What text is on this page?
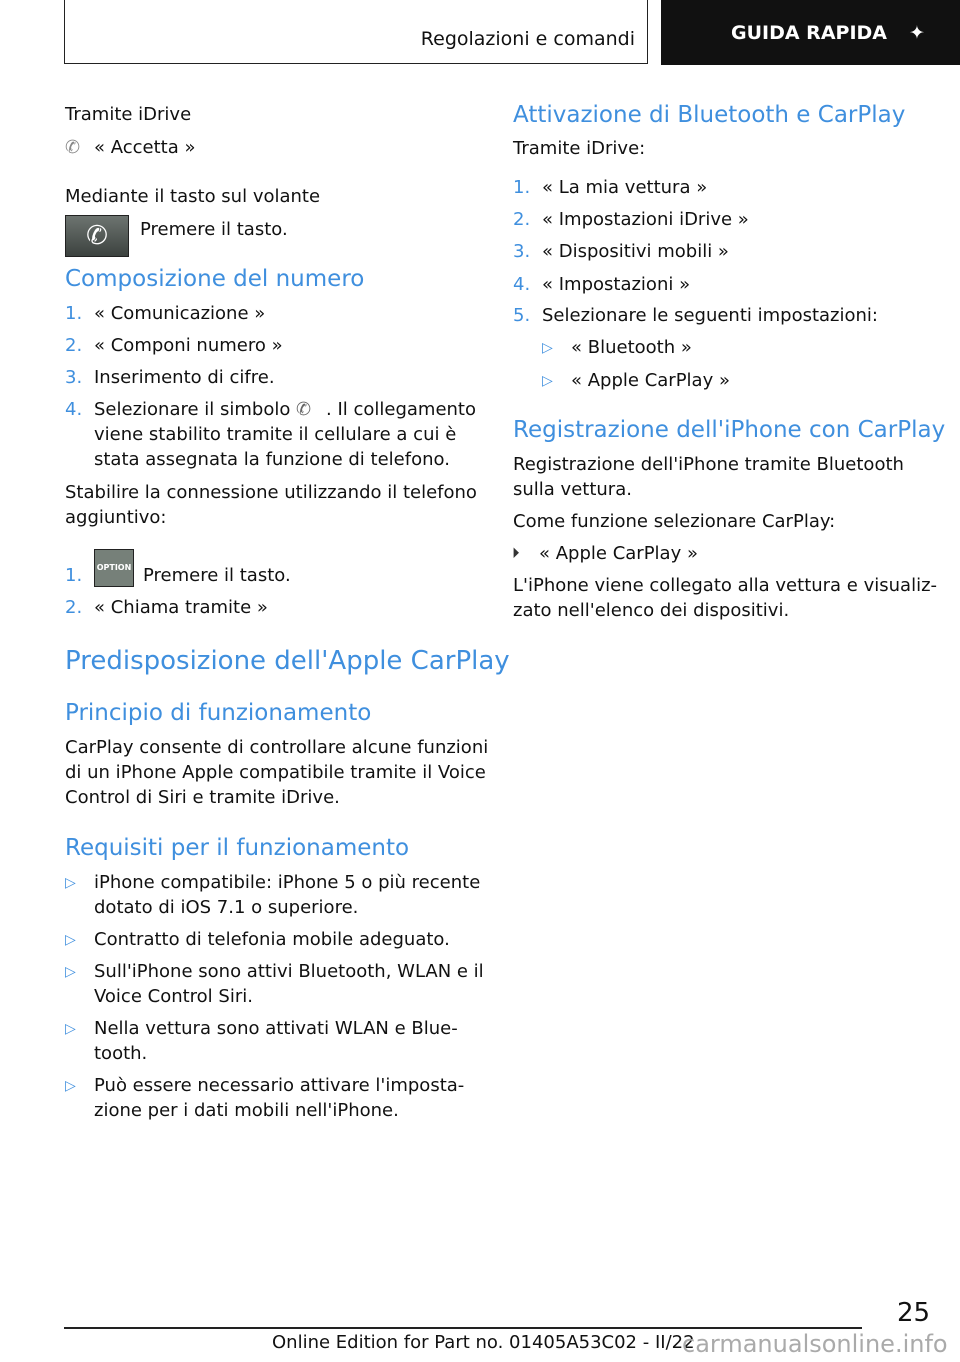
Regolazioni e comandi	GUIDA RAPIDA ✦
Tramite iDrive
✆ « Accetta »
Mediante il tasto sul volante
✆	Premere il tasto.
Composizione del numero
1. « Comunicazione »
2. « Componi numero »
3. Inserimento di cifre.
4. Selezionare il simbolo ✆ . Il collegamento
viene stabilito tramite il cellulare a cui è
stata assegnata la funzione di telefono.
Stabilire la connessione utilizzando il telefono
aggiuntivo:
1.	OPTION Premere il tasto.
2. « Chiama tramite »
Predisposizione dell'Apple CarPlay
Principio di funzionamento
CarPlay consente di controllare alcune funzioni
di un iPhone Apple compatibile tramite il Voice
Control di Siri e tramite iDrive.
Requisiti per il funzionamento
▷ iPhone compatibile: iPhone 5 o più recente
dotato di iOS 7.1 o superiore.
▷ Contratto di telefonia mobile adeguato.
▷ Sull'iPhone sono attivi Bluetooth, WLAN e il
Voice Control Siri.
▷ Nella vettura sono attivati WLAN e Blue-
tooth.
▷ Può essere necessario attivare l'imposta-
zione per i dati mobili nell'iPhone.
Attivazione di Bluetooth e CarPlay
Tramite iDrive:
1. « La mia vettura »
2. « Impostazioni iDrive »
3. « Dispositivi mobili »
4. « Impostazioni »
5. Selezionare le seguenti impostazioni:
▷ « Bluetooth »
▷ « Apple CarPlay »
Registrazione dell'iPhone con CarPlay
Registrazione dell'iPhone tramite Bluetooth
sulla vettura.
Come funzione selezionare CarPlay:
⏵ « Apple CarPlay »
L'iPhone viene collegato alla vettura e visualiz-
zato nell'elenco dei dispositivi.
25
Online Edition for Part no. 01405A53C02 - II/22
carmanualsonline.info
